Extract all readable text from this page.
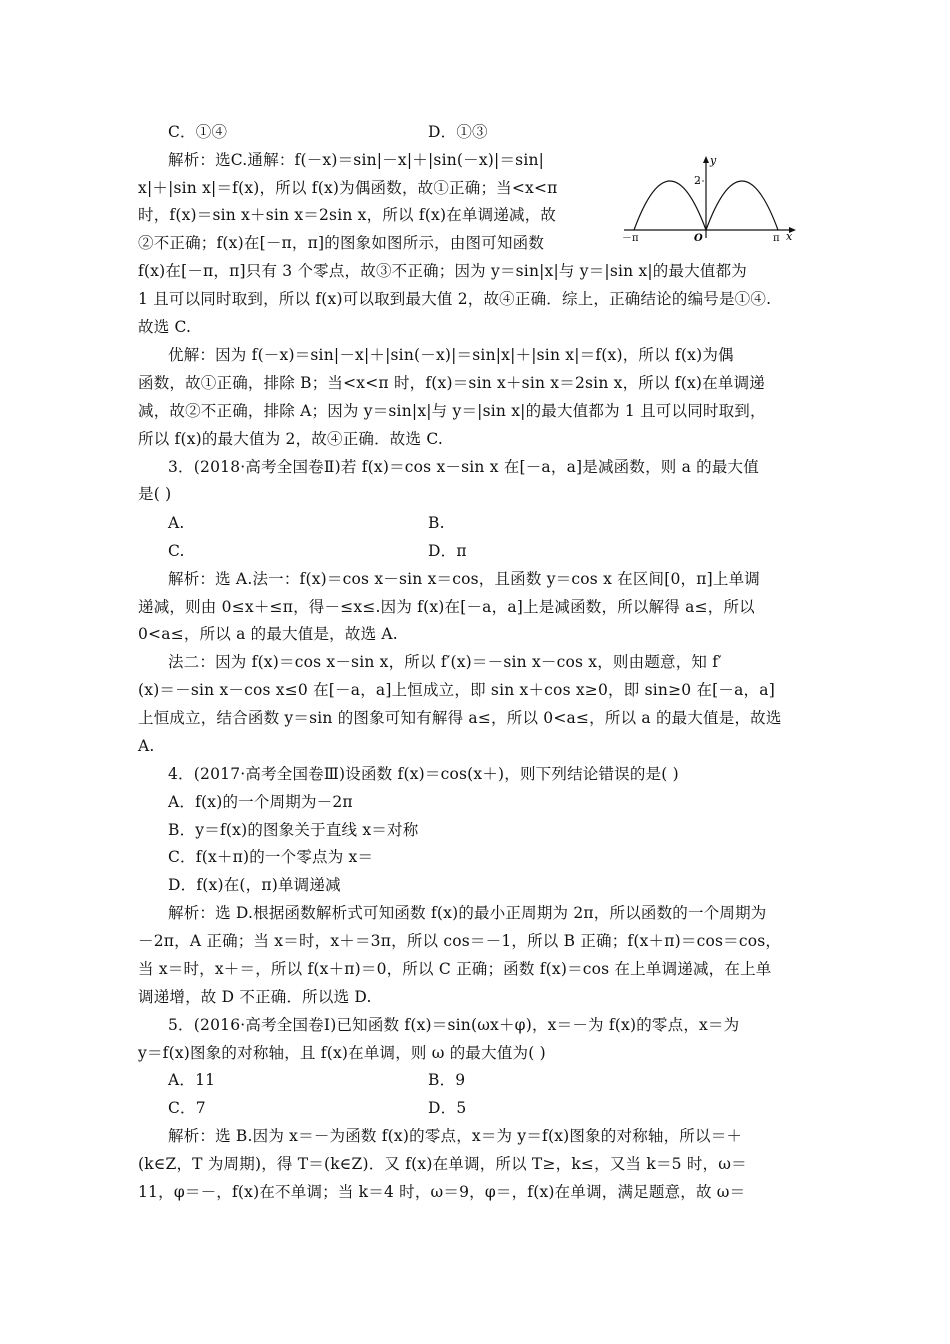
C．①④	D．①③
解析：选C.通解：f(－x)＝sin|－x|＋|sin(－x)|＝sin|
x|＋|sin x|＝f(x)，所以 f(x)为偶函数，故①正确；当<x<π
时，f(x)＝sin x＋sin x＝2sin x，所以 f(x)在单调递减，故
②不正确；f(x)在[－π，π]的图象如图所示，由图可知函数
f(x)在[－π，π]只有 3 个零点，故③不正确；因为 y＝sin|x|与 y＝|sin x|的最大值都为
1 且可以同时取到，所以 f(x)可以取到最大值 2，故④正确．综上，正确结论的编号是①④.
故选 C.
优解：因为 f(－x)＝sin|－x|＋|sin(－x)|＝sin|x|＋|sin x|＝f(x)，所以 f(x)为偶
函数，故①正确，排除 B；当<x<π 时，f(x)＝sin x＋sin x＝2sin x，所以 f(x)在单调递
减，故②不正确，排除 A；因为 y＝sin|x|与 y＝|sin x|的最大值都为 1 且可以同时取到，
所以 f(x)的最大值为 2，故④正确．故选 C.
3．(2018·高考全国卷Ⅱ)若 f(x)＝cos x－sin x 在[－a，a]是减函数，则 a 的最大值
是( )
A.	B.
C.	D．π
解析：选 A.法一：f(x)＝cos x－sin x＝cos，且函数 y＝cos x 在区间[0，π]上单调
递减，则由 0≤x＋≤π，得－≤x≤.因为 f(x)在[－a，a]上是减函数，所以解得 a≤，所以
0<a≤，所以 a 的最大值是，故选 A.
法二：因为 f(x)＝cos x－sin x，所以 f′(x)＝－sin x－cos x，则由题意，知 f′
(x)＝－sin x－cos x≤0 在[－a，a]上恒成立，即 sin x＋cos x≥0，即 sin≥0 在[－a，a]
上恒成立，结合函数 y＝sin 的图象可知有解得 a≤，所以 0<a≤，所以 a 的最大值是，故选
A.
4．(2017·高考全国卷Ⅲ)设函数 f(x)＝cos(x＋)，则下列结论错误的是( )
A．f(x)的一个周期为－2π
B．y＝f(x)的图象关于直线 x＝对称
C．f(x＋π)的一个零点为 x＝
D．f(x)在(，π)单调递减
解析：选 D.根据函数解析式可知函数 f(x)的最小正周期为 2π，所以函数的一个周期为
－2π，A 正确；当 x＝时，x＋＝3π，所以 cos＝－1，所以 B 正确；f(x＋π)＝cos＝cos，
当 x＝时，x＋＝，所以 f(x＋π)＝0，所以 C 正确；函数 f(x)＝cos 在上单调递减，在上单
调递增，故 D 不正确．所以选 D.
5．(2016·高考全国卷Ⅰ)已知函数 f(x)＝sin(ωx＋φ)，x＝－为 f(x)的零点，x＝为
y＝f(x)图象的对称轴，且 f(x)在单调，则 ω 的最大值为( )
A．11	B．9
C．7	D．5
解析：选 B.因为 x＝－为函数 f(x)的零点，x＝为 y＝f(x)图象的对称轴，所以＝＋
(k∈Z，T 为周期)，得 T＝(k∈Z)．又 f(x)在单调，所以 T≥，k≤，又当 k＝5 时，ω＝
11，φ＝－，f(x)在不单调；当 k＝4 时，ω＝9，φ＝，f(x)在单调，满足题意，故 ω＝
y
x
2
O
－π	π
